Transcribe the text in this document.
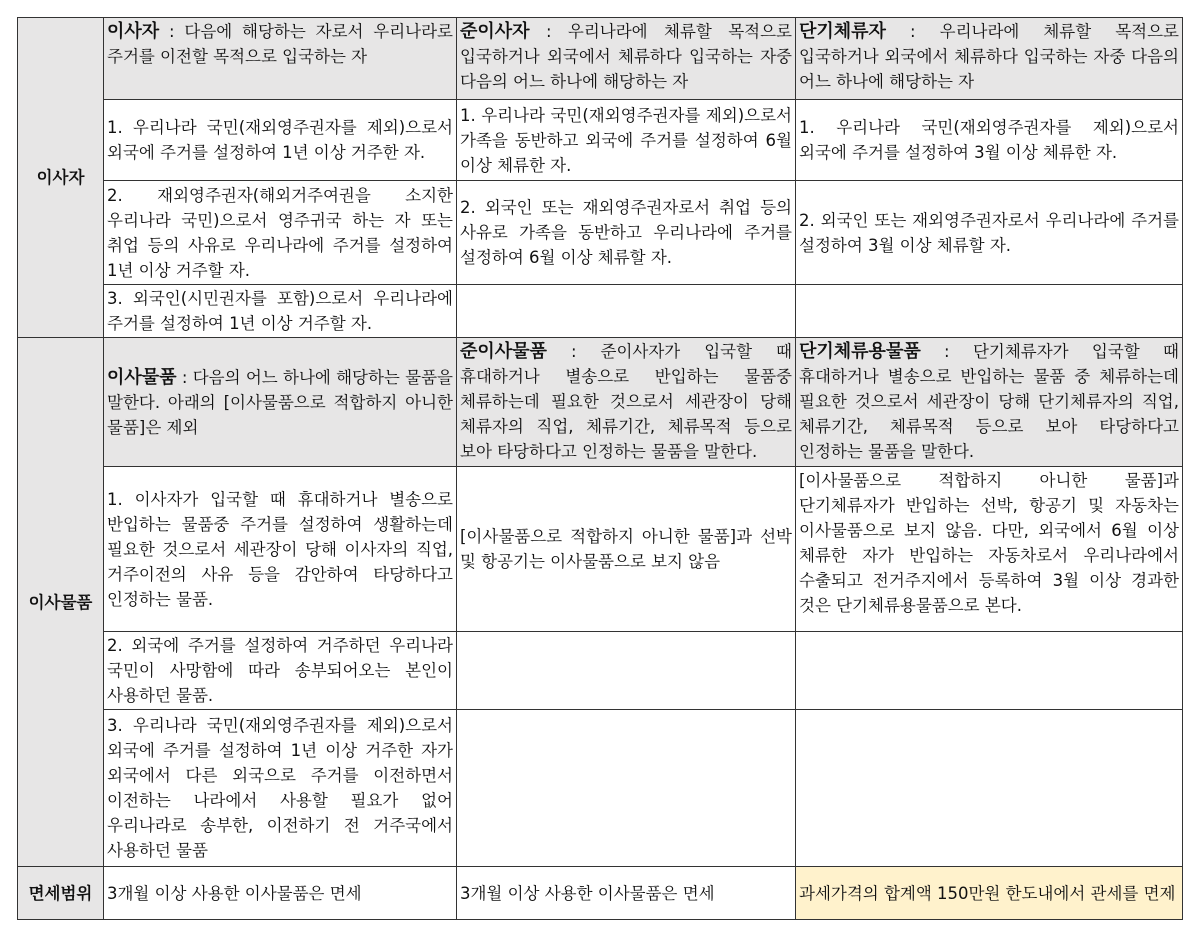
이사자	이사자 : 다음에 해당하는 자로서 우리나라로 주거를 이전할 목적으로 입국하는 자	준이사자 : 우리나라에 체류할 목적으로 입국하거나 외국에서 체류하다 입국하는 자중 다음의 어느 하나에 해당하는 자	단기체류자 : 우리나라에 체류할 목적으로 입국하거나 외국에서 체류하다 입국하는 자중 다음의 어느 하나에 해당하는 자
	1. 우리나라 국민(재외영주권자를 제외)으로서 외국에 주거를 설정하여 1년 이상 거주한 자.	1. 우리나라 국민(재외영주권자를 제외)으로서 가족을 동반하고 외국에 주거를 설정하여 6월 이상 체류한 자.	1. 우리나라 국민(재외영주권자를 제외)으로서 외국에 주거를 설정하여 3월 이상 체류한 자.
	2. 재외영주권자(해외거주여권을 소지한 우리나라 국민)으로서 영주귀국 하는 자 또는 취업 등의 사유로 우리나라에 주거를 설정하여 1년 이상 거주할 자.	2. 외국인 또는 재외영주권자로서 취업 등의 사유로 가족을 동반하고 우리나라에 주거를 설정하여 6월 이상 체류할 자.	2. 외국인 또는 재외영주권자로서 우리나라에 주거를 설정하여 3월 이상 체류할 자.
	3. 외국인(시민권자를 포함)으로서 우리나라에 주거를 설정하여 1년 이상 거주할 자.		
이사물품	이사물품 : 다음의 어느 하나에 해당하는 물품을 말한다. 아래의 [이사물품으로 적합하지 아니한 물품]은 제외	준이사물품 : 준이사자가 입국할 때 휴대하거나 별송으로 반입하는 물품중 체류하는데 필요한 것으로서 세관장이 당해 체류자의 직업, 체류기간, 체류목적 등으로 보아 타당하다고 인정하는 물품을 말한다.	단기체류용물품 : 단기체류자가 입국할 때 휴대하거나 별송으로 반입하는 물품 중 체류하는데 필요한 것으로서 세관장이 당해 단기체류자의 직업, 체류기간, 체류목적 등으로 보아 타당하다고 인정하는 물품을 말한다.
	1. 이사자가 입국할 때 휴대하거나 별송으로 반입하는 물품중 주거를 설정하여 생활하는데 필요한 것으로서 세관장이 당해 이사자의 직업, 거주이전의 사유 등을 감안하여 타당하다고 인정하는 물품.	[이사물품으로 적합하지 아니한 물품]과 선박 및 항공기는 이사물품으로 보지 않음	[이사물품으로 적합하지 아니한 물품]과 단기체류자가 반입하는 선박, 항공기 및 자동차는 이사물품으로 보지 않음. 다만, 외국에서 6월 이상 체류한 자가 반입하는 자동차로서 우리나라에서 수출되고 전거주지에서 등록하여 3월 이상 경과한 것은 단기체류용물품으로 본다.
	2. 외국에 주거를 설정하여 거주하던 우리나라 국민이 사망함에 따라 송부되어오는 본인이 사용하던 물품.		
	3. 우리나라 국민(재외영주권자를 제외)으로서 외국에 주거를 설정하여 1년 이상 거주한 자가 외국에서 다른 외국으로 주거를 이전하면서 이전하는 나라에서 사용할 필요가 없어 우리나라로 송부한, 이전하기 전 거주국에서 사용하던 물품		
면세범위	3개월 이상 사용한 이사물품은 면세	3개월 이상 사용한 이사물품은 면세	과세가격의 합계액 150만원 한도내에서 관세를 면제
